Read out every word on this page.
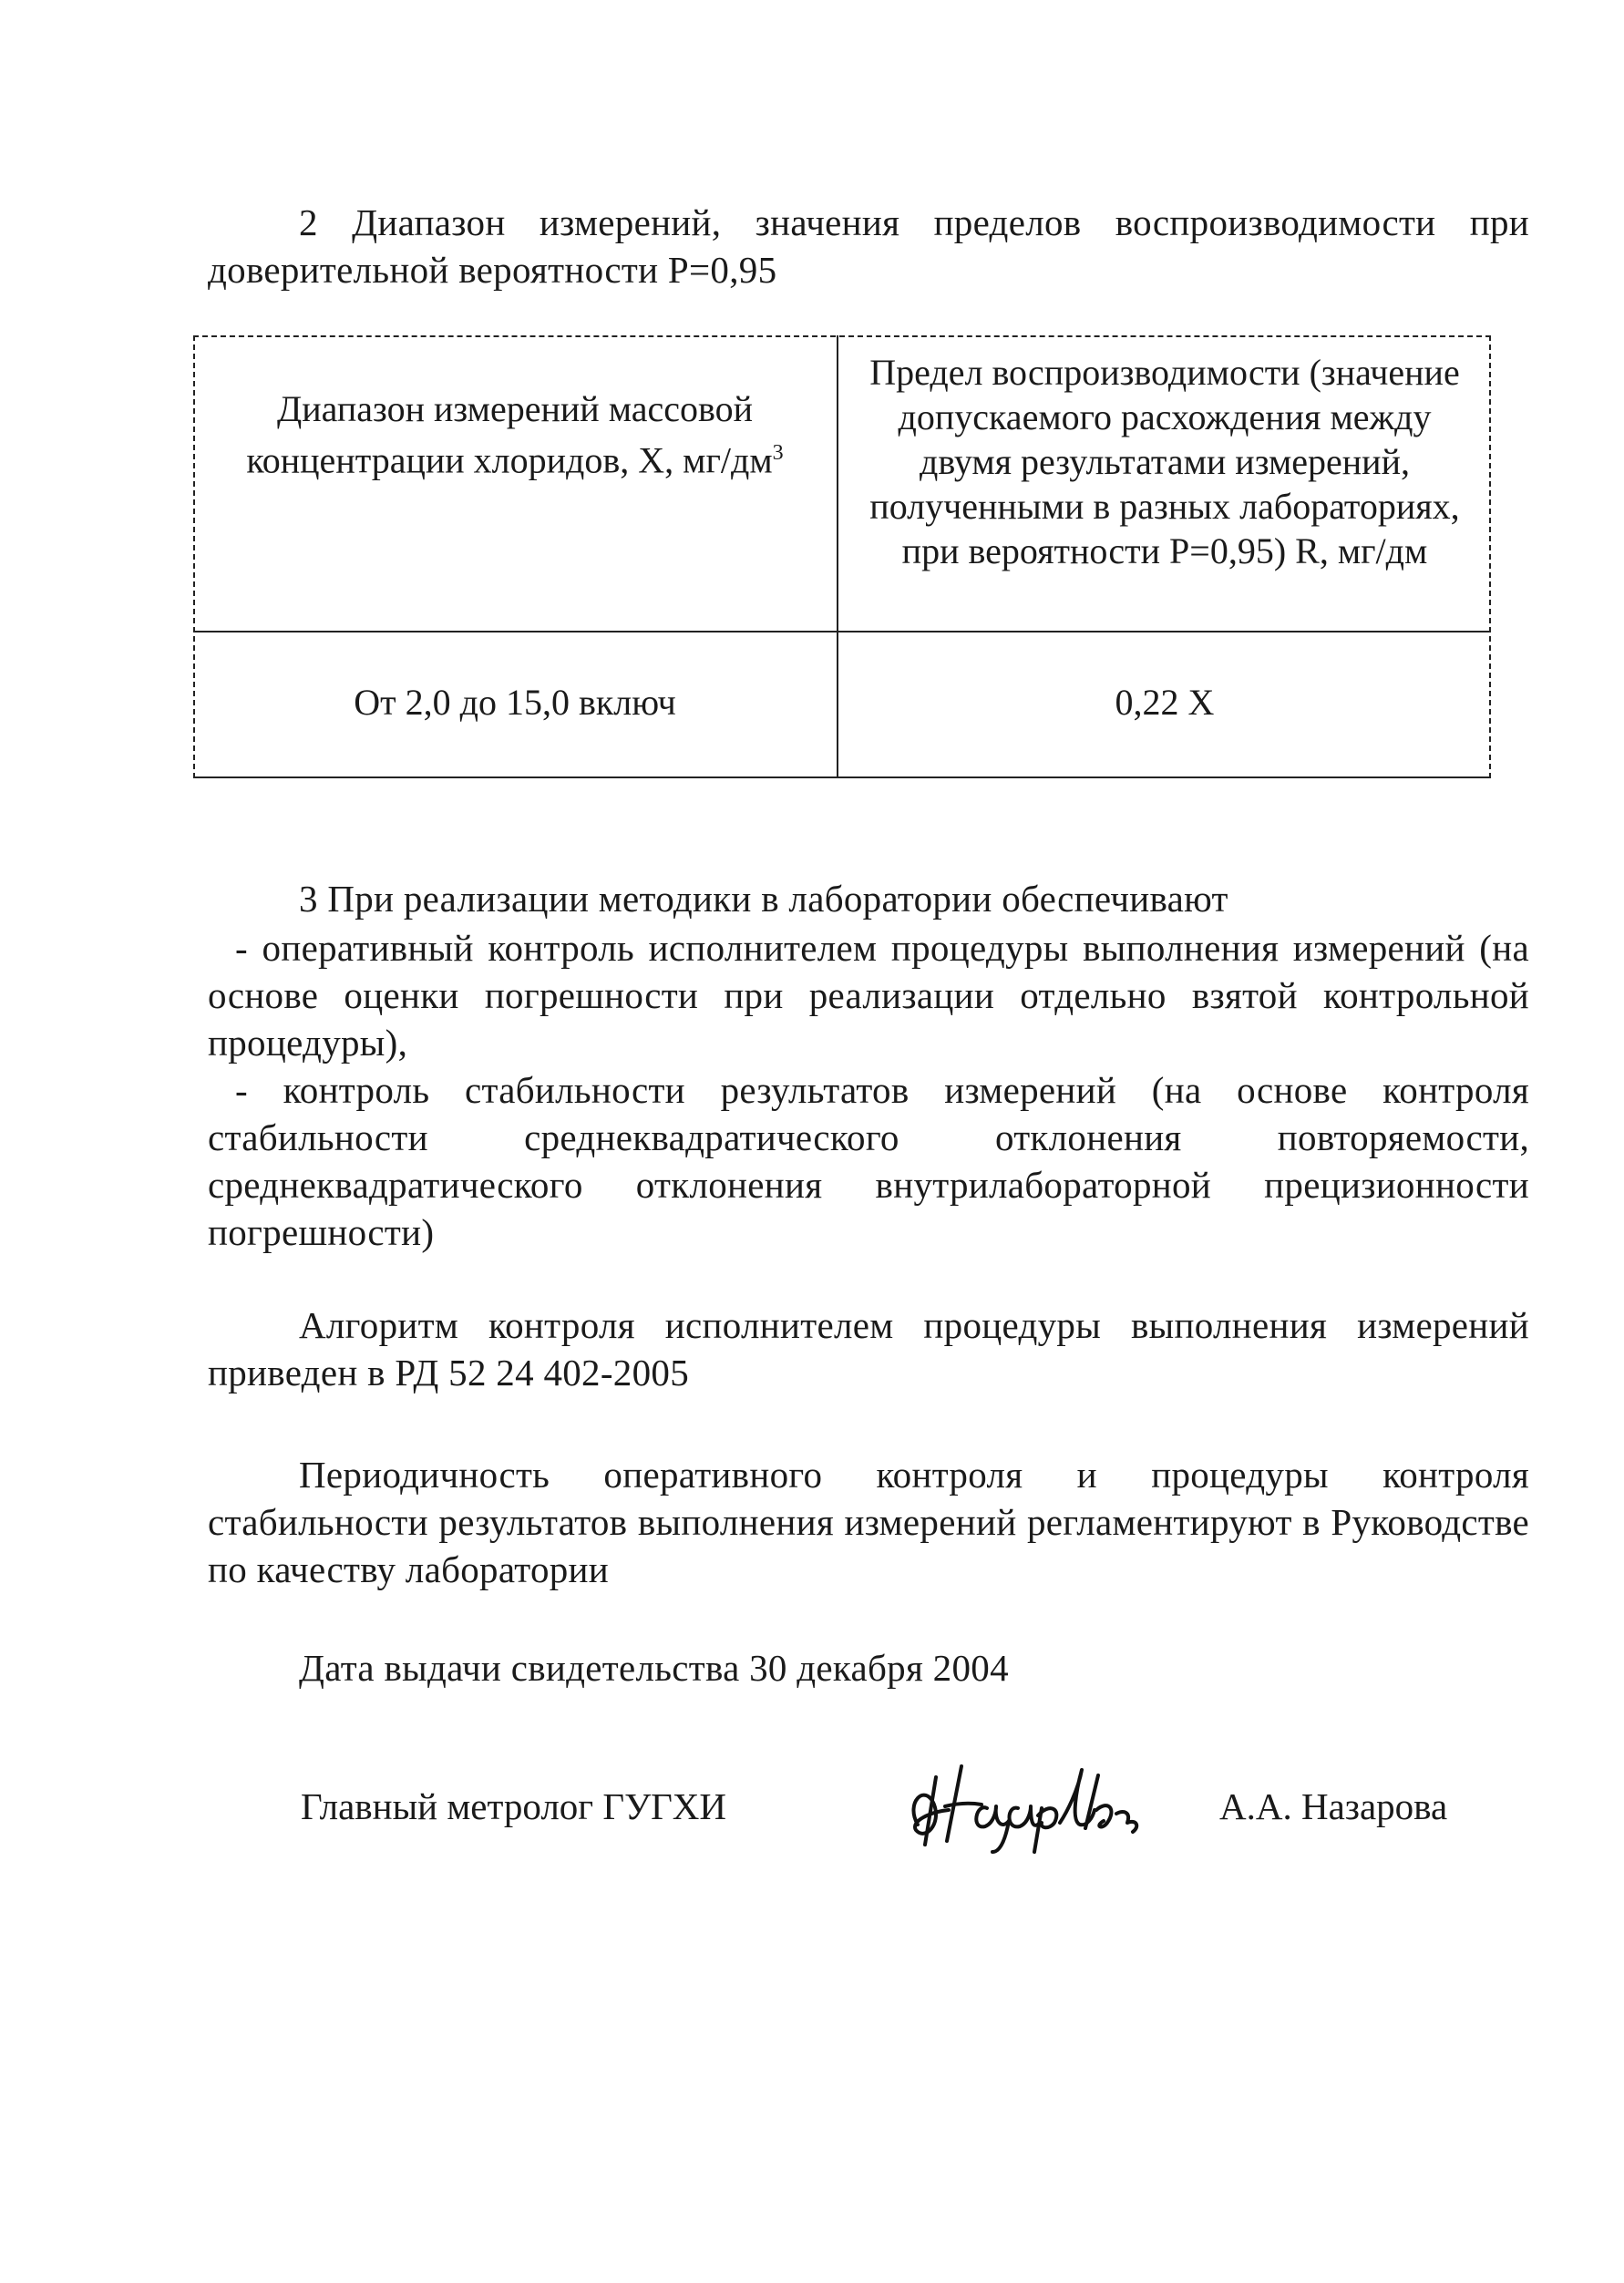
2 Диапазон измерений, значения пределов воспроизводимости при доверительной вероятности Р=0,95
Диапазон измерений массовой концентрации хлоридов, Х, $мг/дм^3$
Предел воспроизводимости (значение допускаемого расхождения между двумя результатами измерений, полученными в разных лабораториях, при вероятности Р=0,95) R, мг/дм
От 2,0 до 15,0 включ	0,22 Х
3 При реализации методики в лаборатории обеспечивают
- оперативный контроль исполнителем процедуры выполнения измерений (на основе оценки погрешности при реализации отдельно взятой контрольной процедуры),
- контроль стабильности результатов измерений (на основе контроля стабильности среднеквадратического отклонения повторяемости, среднеквадратического отклонения внутрилабораторной прецизионности погрешности)
Алгоритм контроля исполнителем процедуры выполнения измерений приведен в РД 52 24 402-2005
Периодичность оперативного контроля и процедуры контроля стабильности результатов выполнения измерений регламентируют в Руководстве по качеству лаборатории
Дата выдачи свидетельства 30 декабря 2004
Главный метролог ГУГХИ	А.А. Назарова
